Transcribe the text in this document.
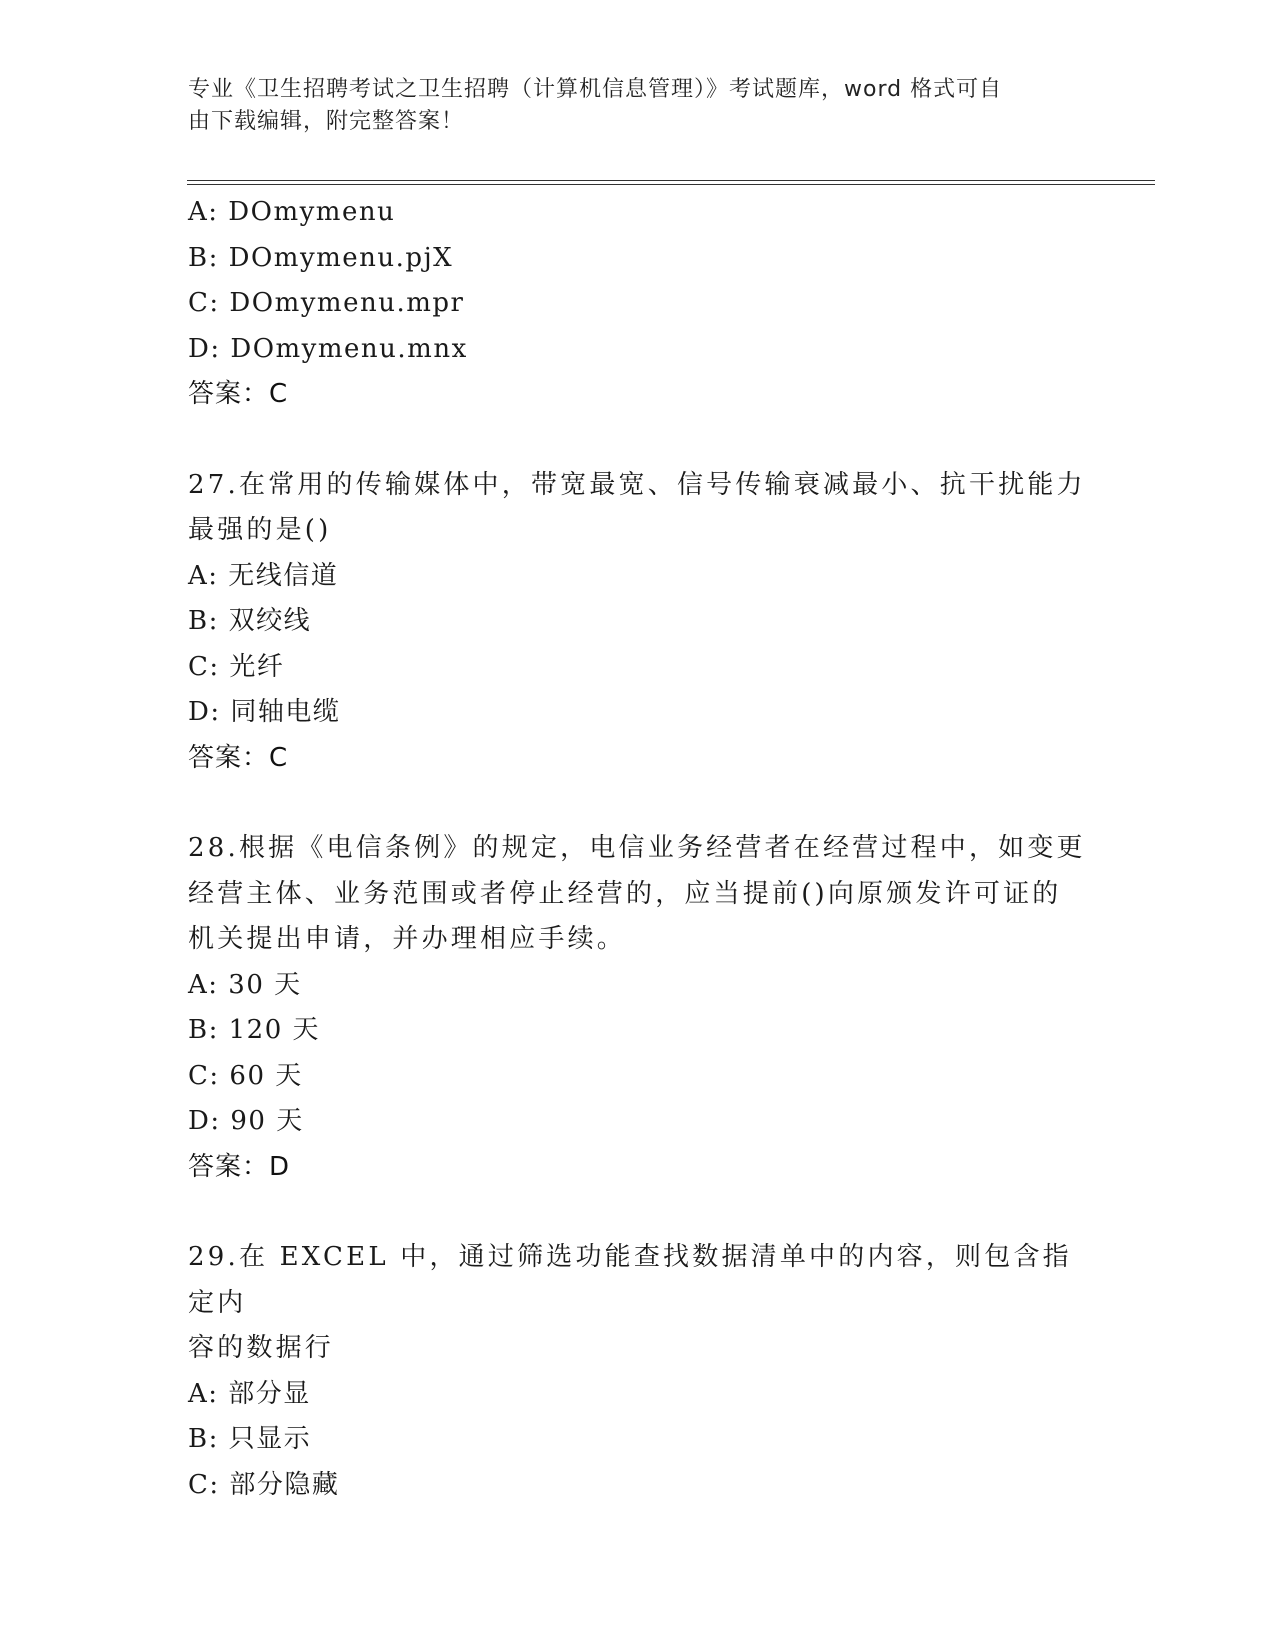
专业《卫生招聘考试之卫生招聘（计算机信息管理）》考试题库，word 格式可自
由下载编辑，附完整答案！
A: DOmymenu
B: DOmymenu.pjX
C: DOmymenu.mpr
D: DOmymenu.mnx
答案：C
27.在常用的传输媒体中，带宽最宽、信号传输衰减最小、抗干扰能力
最强的是()
A: 无线信道
B: 双绞线
C: 光纤
D: 同轴电缆
答案：C
28.根据《电信条例》的规定，电信业务经营者在经营过程中，如变更
经营主体、业务范围或者停止经营的，应当提前()向原颁发许可证的
机关提出申请，并办理相应手续。
A: 30 天
B: 120 天
C: 60 天
D: 90 天
答案：D
29.在 EXCEL 中，通过筛选功能查找数据清单中的内容，则包含指定内
容的数据行
A: 部分显
B: 只显示
C: 部分隐藏
